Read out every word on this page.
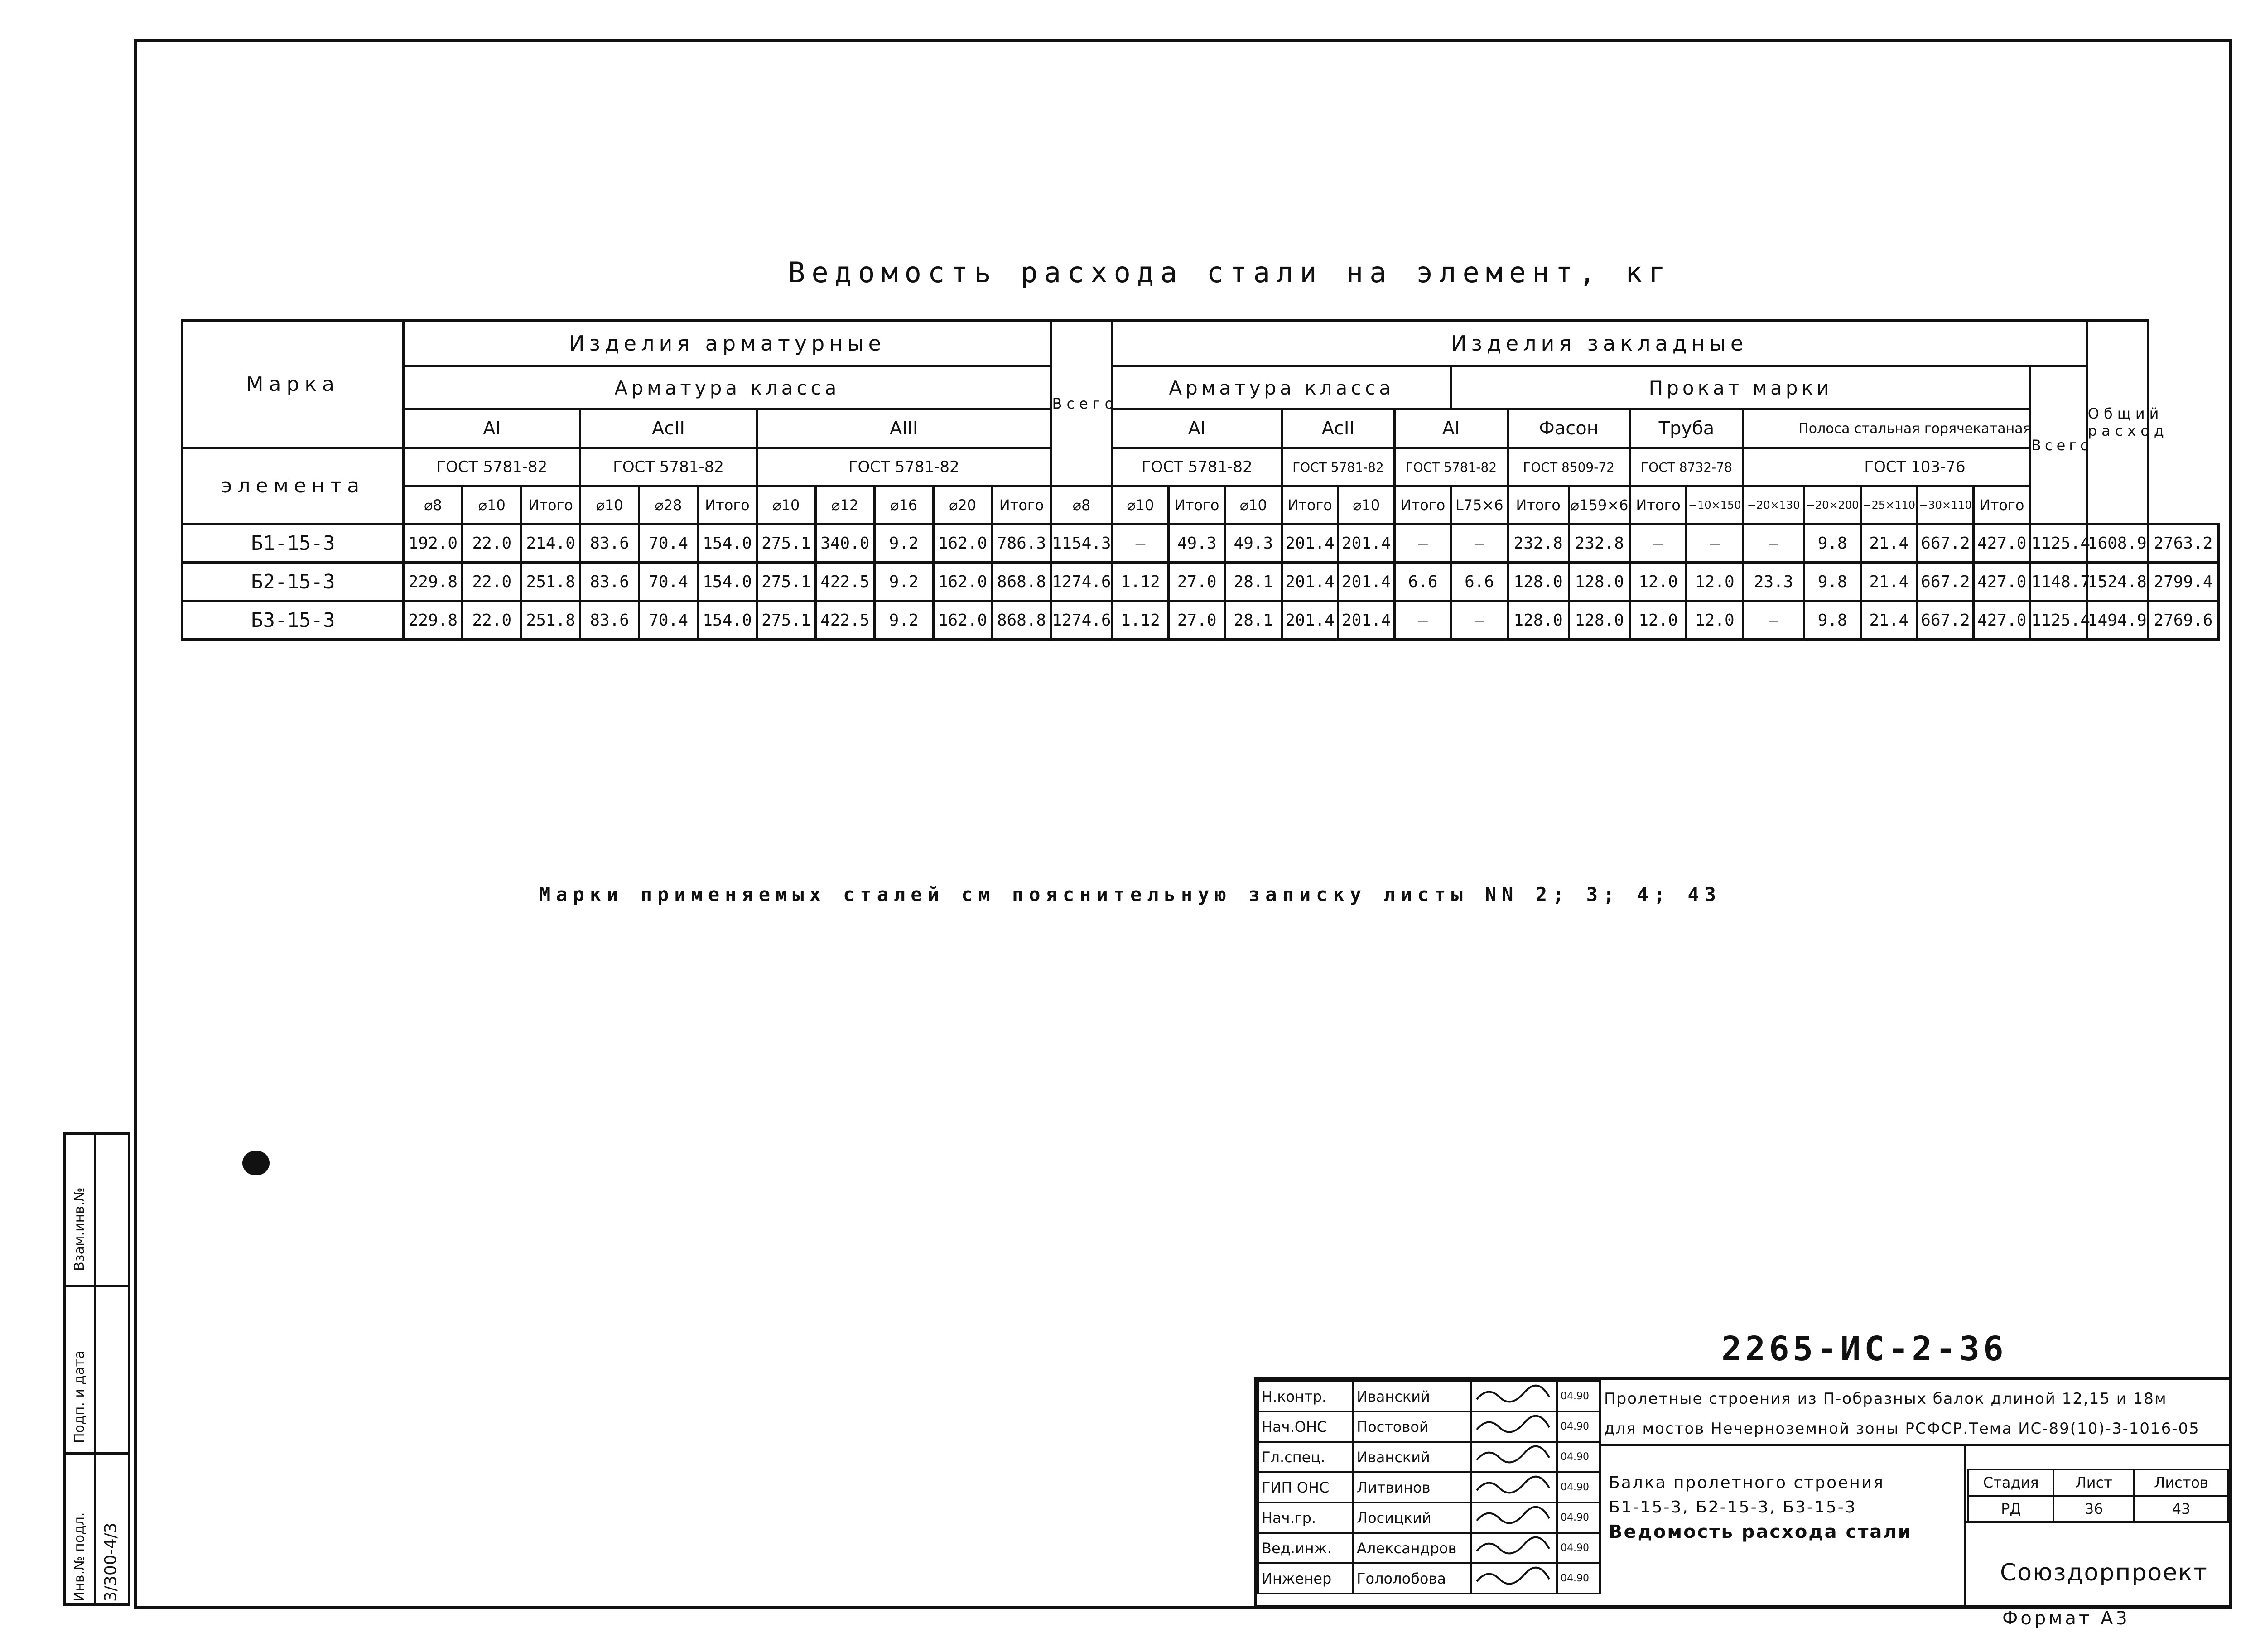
Ведомость расхода стали на элемент, кг
Марка	Изделия арматурные											Всего	Изделия закладные																	Общий расход	
	Арматура класса												Арматура класса						Прокат марки										Всего		
	АI			АсII			АIII						АI			АсII		АI		Фасон		Труба		Полоса стальная горячекатаная							
элемента	ГОСТ 5781-82			ГОСТ 5781-82			ГОСТ 5781-82						ГОСТ 5781-82			ГОСТ 5781-82		ГОСТ 5781-82		ГОСТ 8509-72		ГОСТ 8732-78		ГОСТ 103-76							
	⌀8	⌀10	Итого	⌀10	⌀28	Итого	⌀10	⌀12	⌀16	⌀20	Итого	⌀8	⌀10	Итого	⌀10	Итого	⌀10	Итого	L75×6	Итого	⌀159×6	Итого	−10×150	−20×130	−20×200	−25×110	−30×110	Итого			
Б1-15-3	192.0	22.0	214.0	83.6	70.4	154.0	275.1	340.0	9.2	162.0	786.3	1154.3	—	49.3	49.3	201.4	201.4	—	—	232.8	232.8	—	—	—	9.8	21.4	667.2	427.0	1125.4	1608.9	2763.2
Б2-15-3	229.8	22.0	251.8	83.6	70.4	154.0	275.1	422.5	9.2	162.0	868.8	1274.6	1.12	27.0	28.1	201.4	201.4	6.6	6.6	128.0	128.0	12.0	12.0	23.3	9.8	21.4	667.2	427.0	1148.7	1524.8	2799.4
Б3-15-3	229.8	22.0	251.8	83.6	70.4	154.0	275.1	422.5	9.2	162.0	868.8	1274.6	1.12	27.0	28.1	201.4	201.4	—	—	128.0	128.0	12.0	12.0	—	9.8	21.4	667.2	427.0	1125.4	1494.9	2769.6
Марки применяемых сталей см пояснительную записку листы NN 2; 3; 4; 43
2265-ИС-2-36
Н.контр.	Иванский		04.90
Нач.ОНС	Постовой		04.90
Гл.спец.	Иванский		04.90
ГИП ОНС	Литвинов		04.90
Нач.гр.	Лосицкий		04.90
Вед.инж.	Александров		04.90
Инженер	Гололобова		04.90
Пролетные строения из П-образных балок длиной 12,15 и 18м
для мостов Нечерноземной зоны РСФСР.Тема ИС-89(10)-3-1016-05
Балка пролетного строения
Б1-15-3, Б2-15-3, Б3-15-3
Ведомость расхода стали
Стадия	Лист	Листов
РД	36	43
Союздорпроект
Формат А3
Взам.инв.№
Подп. и дата
Инв.№ подл. 3/300-4/3
